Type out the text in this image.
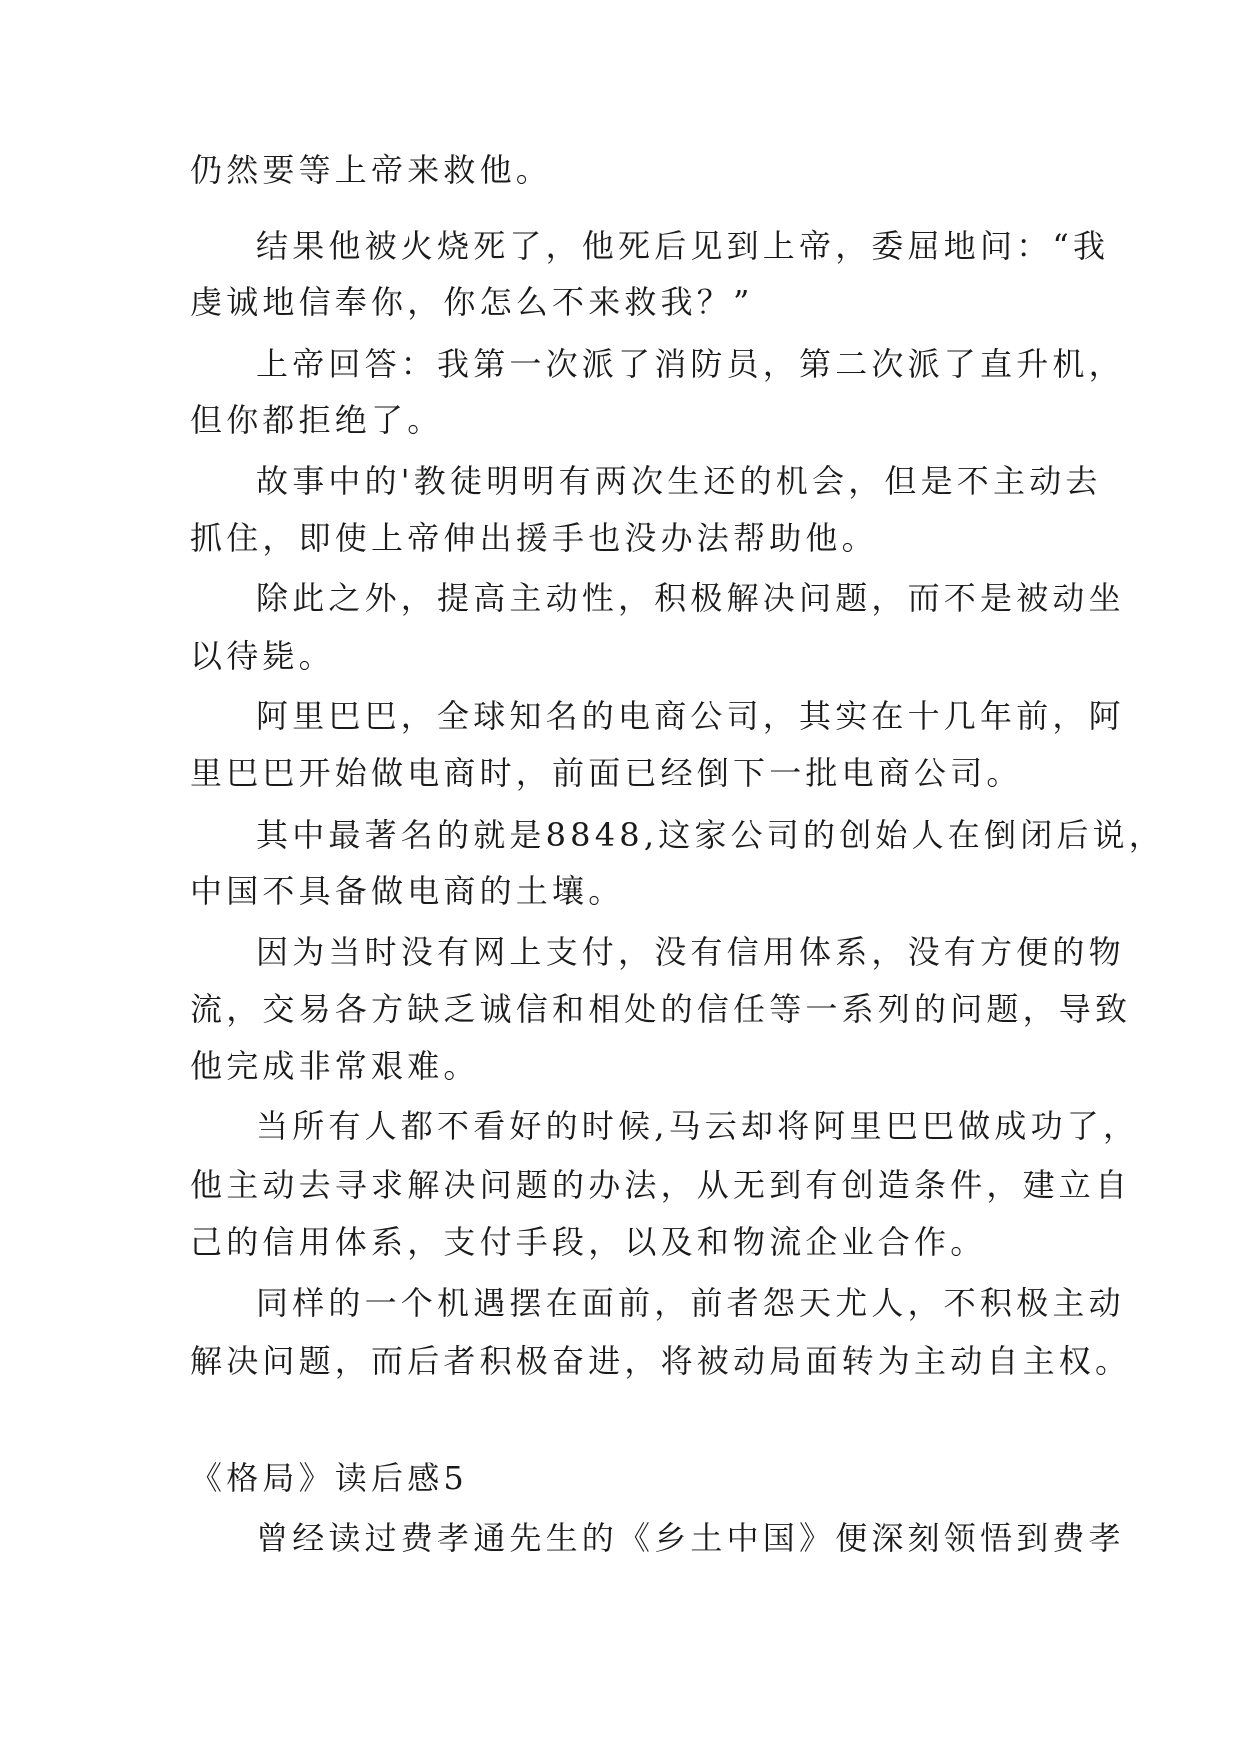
仍然要等上帝来救他。
结果他被火烧死了，他死后见到上帝，委屈地问：“我
虔诚地信奉你，你怎么不来救我？”
上帝回答：我第一次派了消防员，第二次派了直升机，
但你都拒绝了。
故事中的'教徒明明有两次生还的机会，但是不主动去
抓住，即使上帝伸出援手也没办法帮助他。
除此之外，提高主动性，积极解决问题，而不是被动坐
以待毙。
阿里巴巴，全球知名的电商公司，其实在十几年前，阿
里巴巴开始做电商时，前面已经倒下一批电商公司。
其中最著名的就是8848,这家公司的创始人在倒闭后说，
中国不具备做电商的土壤。
因为当时没有网上支付，没有信用体系，没有方便的物
流，交易各方缺乏诚信和相处的信任等一系列的问题，导致
他完成非常艰难。
当所有人都不看好的时候,马云却将阿里巴巴做成功了，
他主动去寻求解决问题的办法，从无到有创造条件，建立自
己的信用体系，支付手段，以及和物流企业合作。
同样的一个机遇摆在面前，前者怨天尤人，不积极主动
解决问题，而后者积极奋进，将被动局面转为主动自主权。
《格局》读后感5
曾经读过费孝通先生的《乡土中国》便深刻领悟到费孝
